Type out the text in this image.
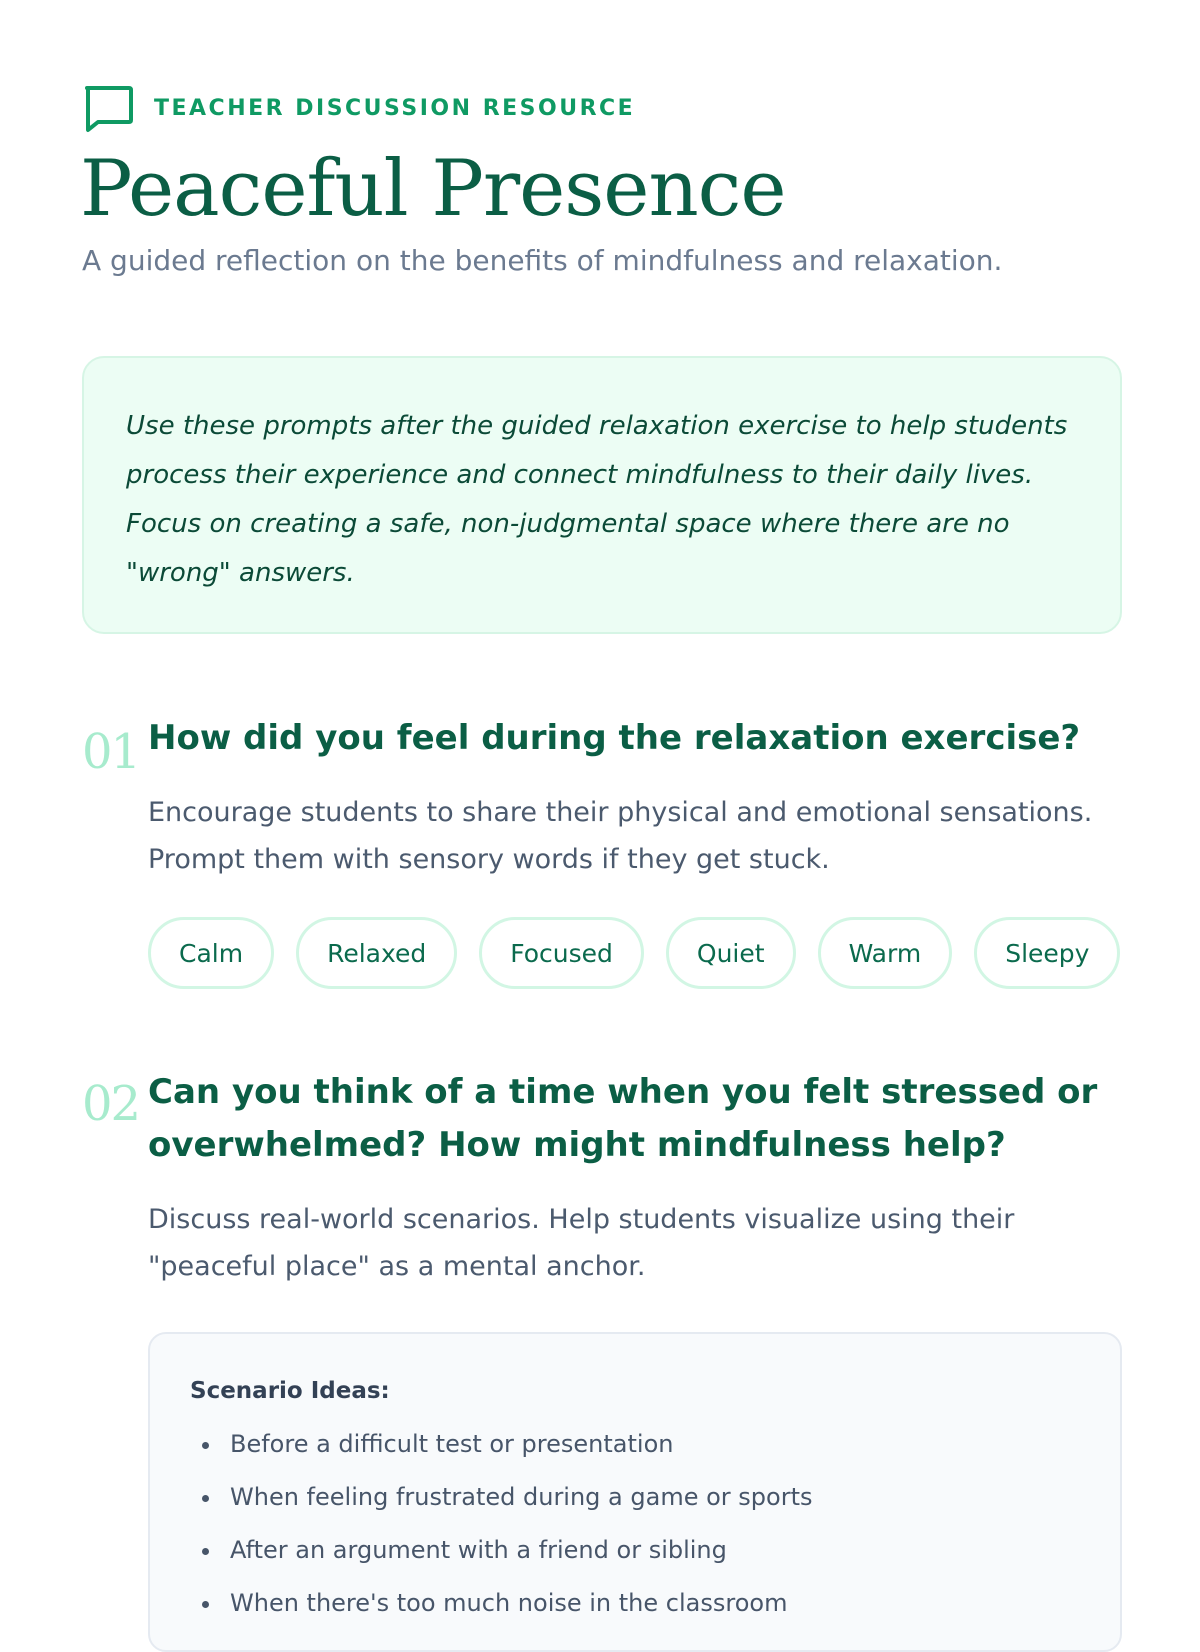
TEACHER DISCUSSION RESOURCE
Peaceful Presence

A guided reflection on the benefits of mindfulness and relaxation.

Use these prompts after the guided relaxation exercise to help students process their experience and connect mindfulness to their daily lives. Focus on creating a safe, non-judgmental space where there are no "wrong" answers.

01 How did you feel during the relaxation exercise?

Encourage students to share their physical and emotional sensations. Prompt them with sensory words if they get stuck.

Calm	Relaxed	Focused	Quiet	Warm	Sleepy
02 Can you think of a time when you felt stressed or overwhelmed? How might mindfulness help?

Discuss real-world scenarios. Help students visualize using their "peaceful place" as a mental anchor.

Scenario Ideas:
Before a difficult test or presentation
When feeling frustrated during a game or sports
After an argument with a friend or sibling
When there's too much noise in the classroom
